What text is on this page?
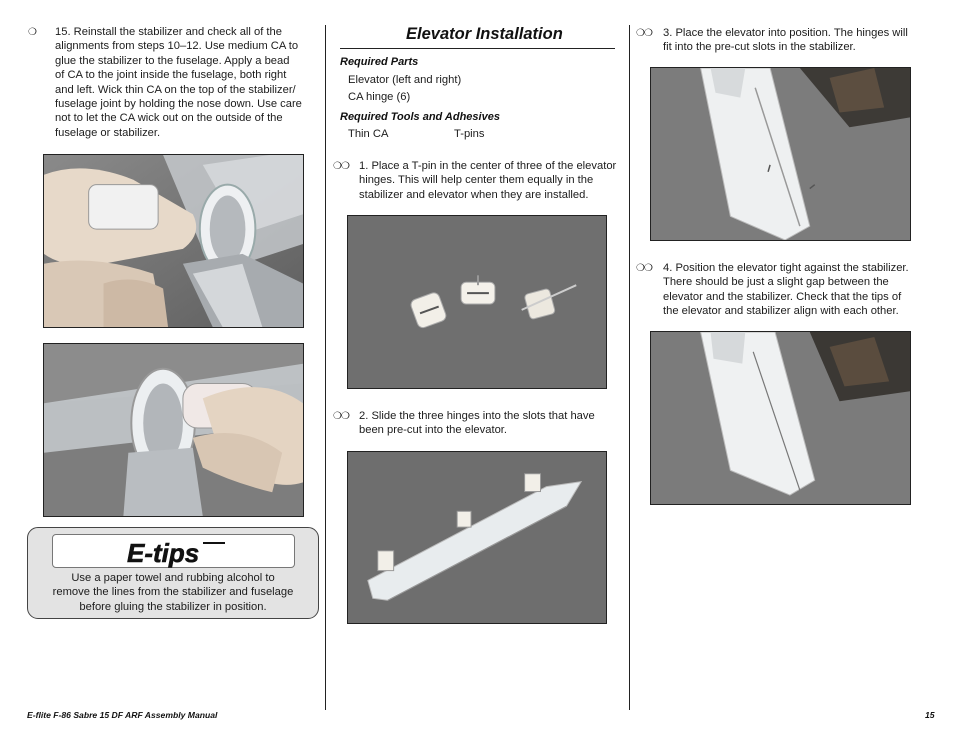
❍ 15. Reinstall the stabilizer and check all of the
alignments from steps 10–12. Use medium CA to
glue the stabilizer to the fuselage. Apply a bead
of CA to the joint inside the fuselage, both right
and left. Wick thin CA on the top of the stabilizer/
fuselage joint by holding the nose down. Use care
not to let the CA wick out on the outside of the
fuselage or stabilizer.
E-tips
Use a paper towel and rubbing alcohol to
remove the lines from the stabilizer and fuselage
before gluing the stabilizer in position.
Elevator Installation
Required Parts
Elevator (left and right)
CA hinge (6)
Required Tools and Adhesives
Thin CA	T-pins
❍❍ 1. Place a T-pin in the center of three of the elevator
hinges. This will help center them equally in the
stabilizer and elevator when they are installed.
❍❍ 2. Slide the three hinges into the slots that have
been pre-cut into the elevator.
❍❍ 3. Place the elevator into position. The hinges will
fit into the pre-cut slots in the stabilizer.
❍❍ 4. Position the elevator tight against the stabilizer.
There should be just a slight gap between the
elevator and the stabilizer. Check that the tips of
the elevator and stabilizer align with each other.
E-flite F-86 Sabre 15 DF ARF Assembly Manual	15
